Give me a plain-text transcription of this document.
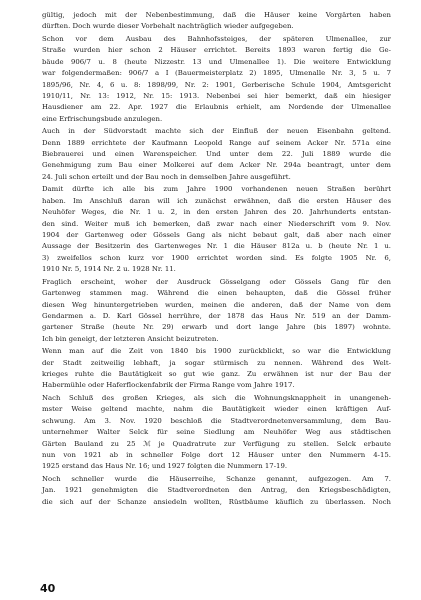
gültig, jedoch mit der Nebenbestimmung, daß die Häuser keine Vorgärten haben
dürften. Doch wurde dieser Vorbehalt nachträglich wieder aufgegeben.
Schon vor dem Ausbau des Bahnhofssteiges, der späteren Ulmenallee, zur
Straße wurden hier schon 2 Häuser errichtet. Bereits 1893 waren fertig die Ge-
bäude 906/7 u. 8 (heute Nizzestr. 13 und Ulmenallee 1). Die weitere Entwicklung
war folgendermaßen: 906/7 a I (Bauermeisterplatz 2) 1895, Ulmenalle Nr. 3, 5 u. 7
1895/96, Nr. 4, 6 u. 8: 1898/99, Nr. 2: 1901, Gerberische Schule 1904, Amtsgericht
1910/11, Nr. 13: 1912, Nr. 15: 1913. Nebenbei sei hier bemerkt, daß ein hiesiger
Hausdiener am 22. Apr. 1927 die Erlaubnis erhielt, am Nordende der Ulmenallee
eine Erfrischungsbude anzulegen.
Auch in der Südvorstadt machte sich der Einfluß der neuen Eisenbahn geltend.
Denn 1889 errichtete der Kaufmann Leopold Range auf seinem Acker Nr. 571a eine
Biebrauerei und einen Warenspeicher. Und unter dem 22. Juli 1889 wurde die
Genehmigung zum Bau einer Molkerei auf dem Acker Nr. 294a beantragt, unter dem
24. Juli schon erteilt und der Bau noch in demselben Jahre ausgeführt.
Damit dürfte ich alle bis zum Jahre 1900 vorhandenen neuen Straßen berührt
haben. Im Anschluß daran will ich zunächst erwähnen, daß die ersten Häuser des
Neuhöfer Weges, die Nr. 1 u. 2, in den ersten Jahren des 20. Jahrhunderts entstan-
den sind. Weiter muß ich bemerken, daß zwar nach einer Niederschrift vom 9. Nov.
1904 der Gartenweg oder Gössels Gang als nicht bebaut galt, daß aber nach einer
Aussage der Besitzerin des Gartenweges Nr. 1 die Häuser 812a u. b (heute Nr. 1 u.
3) zweifellos schon kurz vor 1900 errichtet worden sind. Es folgte 1905 Nr. 6,
1910 Nr. 5, 1914 Nr. 2 u. 1928 Nr. 11.
Fraglich erscheint, woher der Ausdruck Gösselgang oder Gössels Gang für den
Gartenweg stammen mag. Während die einen behaupten, daß die Gössel früher
diesen Weg hinuntergetrieben wurden, meinen die anderen, daß der Name von dem
Gendarmen a. D. Karl Gössel herrühre, der 1878 das Haus Nr. 519 an der Damm-
gartener Straße (heute Nr. 29) erwarb und dort lange Jahre (bis 1897) wohnte.
Ich bin geneigt, der letzteren Ansicht beizutreten.
Wenn man auf die Zeit von 1840 bis 1900 zurückblickt, so war die Entwicklung
der Stadt zeitweilig lebhaft, ja sogar stürmisch zu nennen. Während des Welt-
krieges ruhte die Bautätigkeit so gut wie ganz. Zu erwähnen ist nur der Bau der
Habermühle oder Haferflockenfabrik der Firma Range vom Jahre 1917.
Nach Schluß des großen Krieges, als sich die Wohnungsknappheit in unangeneh-
mster Weise geltend machte, nahm die Bautätigkeit wieder einen kräftigen Auf-
schwung. Am 3. Nov. 1920 beschloß die Stadtverordnetenversammlung, dem Bau-
unternehmer Walter Selck für seine Siedlung am Neuhöfer Weg aus städtischen
Gärten Bauland zu 25 ℳ je Quadratrute zur Verfügung zu stellen. Selck erbaute
nun von 1921 ab in schneller Folge dort 12 Häuser unter den Nummern 4-15.
1925 erstand das Haus Nr. 16; und 1927 folgten die Nummern 17-19.
Noch schneller wurde die Häuserreihe, Schanze genannt, aufgezogen. Am 7.
Jan. 1921 genehmigten die Stadtverordneten den Antrag, den Kriegsbeschädigten,
die sich auf der Schanze ansiedeln wollten, Rüstbäume käuflich zu überlassen. Noch
40
